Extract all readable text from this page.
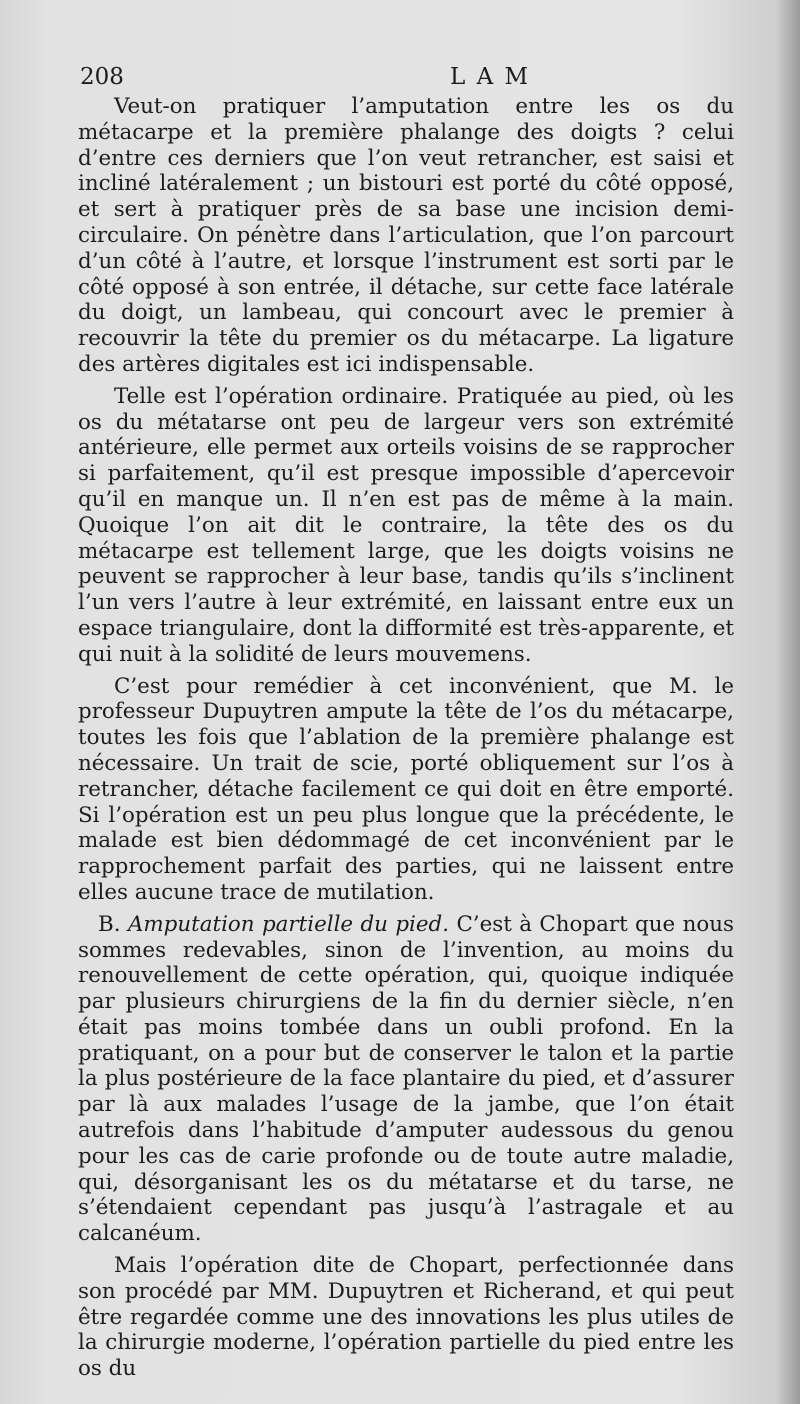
208	L A M

Veut-on pratiquer l’amputation entre les os du métacarpe et la première phalange des doigts ? celui d’entre ces derniers que l’on veut retrancher, est saisi et incliné latéralement ; un bistouri est porté du côté opposé, et sert à pratiquer près de sa base une incision demi-circulaire. On pénètre dans l’articulation, que l’on parcourt d’un côté à l’autre, et lorsque l’instrument est sorti par le côté opposé à son entrée, il détache, sur cette face latérale du doigt, un lambeau, qui concourt avec le premier à recouvrir la tête du premier os du métacarpe. La ligature des artères digitales est ici indispensable.

Telle est l’opération ordinaire. Pratiquée au pied, où les os du métatarse ont peu de largeur vers son extrémité antérieure, elle permet aux orteils voisins de se rapprocher si parfaitement, qu’il est presque impossible d’apercevoir qu’il en manque un. Il n’en est pas de même à la main. Quoique l’on ait dit le contraire, la tête des os du métacarpe est tellement large, que les doigts voisins ne peuvent se rapprocher à leur base, tandis qu’ils s’inclinent l’un vers l’autre à leur extrémité, en laissant entre eux un espace triangulaire, dont la difformité est très-apparente, et qui nuit à la solidité de leurs mouvemens.

C’est pour remédier à cet inconvénient, que M. le professeur Dupuytren ampute la tête de l’os du métacarpe, toutes les fois que l’ablation de la première phalange est nécessaire. Un trait de scie, porté obliquement sur l’os à retrancher, détache facilement ce qui doit en être emporté. Si l’opération est un peu plus longue que la précédente, le malade est bien dédommagé de cet inconvénient par le rapprochement parfait des parties, qui ne laissent entre elles aucune trace de mutilation.

B. Amputation partielle du pied. C’est à Chopart que nous sommes redevables, sinon de l’invention, au moins du renouvellement de cette opération, qui, quoique indiquée par plusieurs chirurgiens de la fin du dernier siècle, n’en était pas moins tombée dans un oubli profond. En la pratiquant, on a pour but de conserver le talon et la partie la plus postérieure de la face plantaire du pied, et d’assurer par là aux malades l’usage de la jambe, que l’on était autrefois dans l’habitude d’amputer audessous du genou pour les cas de carie profonde ou de toute autre maladie, qui, désorganisant les os du métatarse et du tarse, ne s’étendaient cependant pas jusqu’à l’astragale et au calcanéum.

Mais l’opération dite de Chopart, perfectionnée dans son procédé par MM. Dupuytren et Richerand, et qui peut être regardée comme une des innovations les plus utiles de la chirurgie moderne, l’opération partielle du pied entre les os du
